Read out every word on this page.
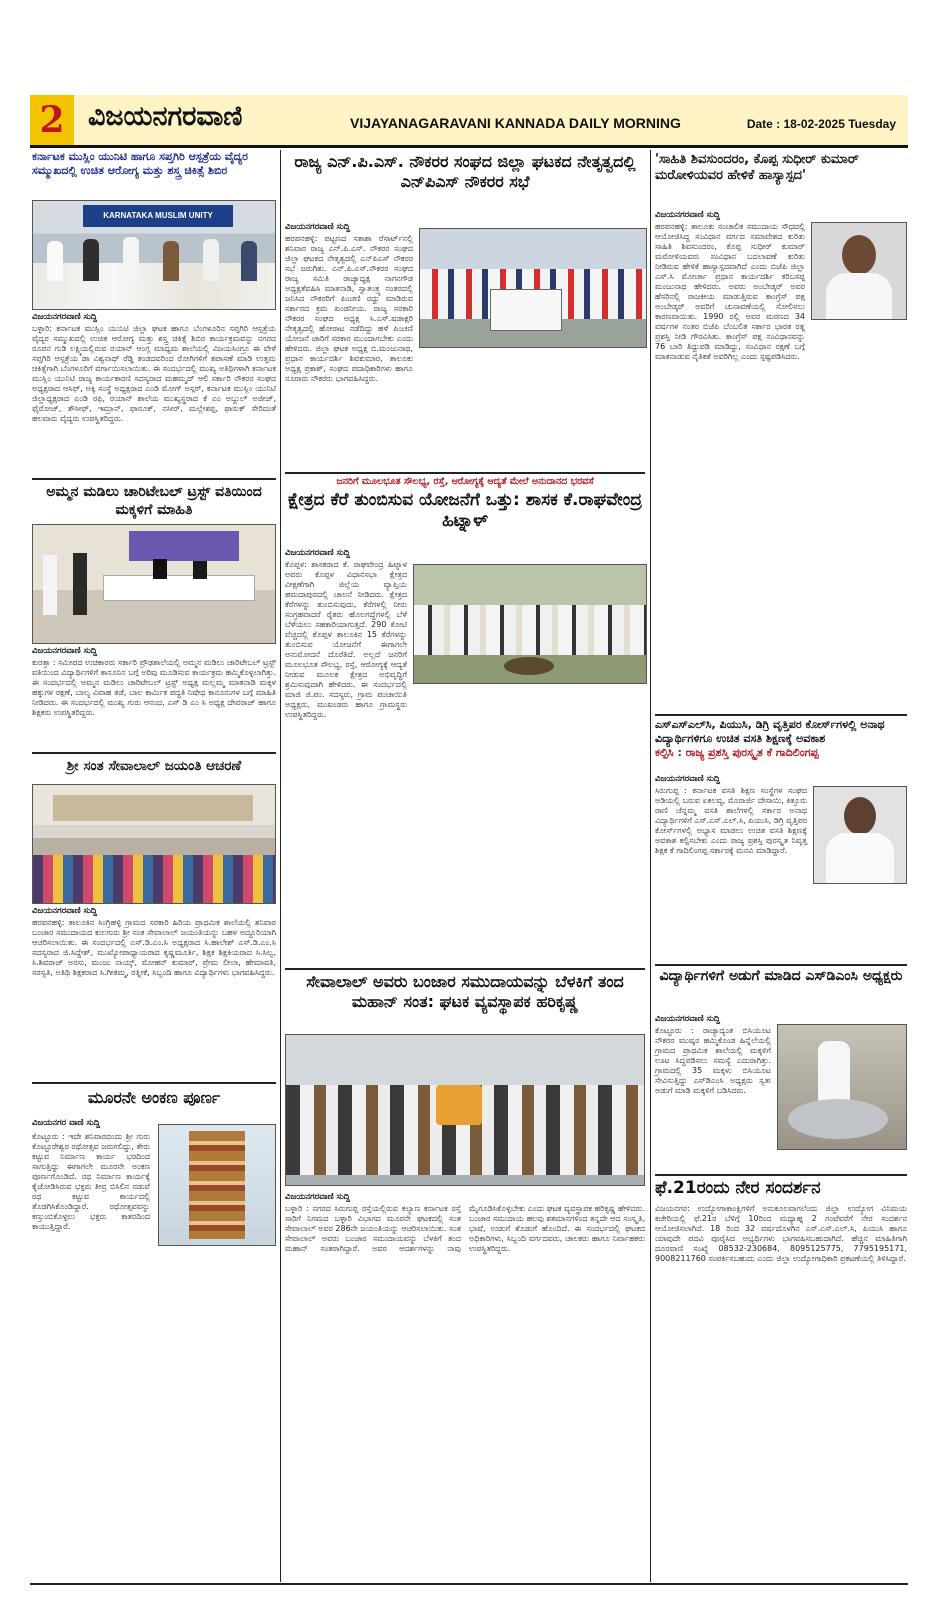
2 ವಿಜಯನಗರವಾಣಿ	VIJAYANAGARAVANI KANNADA DAILY MORNING	Date : 18-02-2025 Tuesday
ಕರ್ನಾಟಕ ಮುಸ್ಲಿಂ ಯುನಿಟಿ ಹಾಗೂ ಸಪ್ತಗಿರಿ ಆಸ್ಪತ್ರೆಯ ವೈದ್ಯರ ಸಮ್ಮುಖದಲ್ಲಿ ಉಚಿತ ಆರೋಗ್ಯ ಮತ್ತು ಶಸ್ತ್ರ ಚಿಕಿತ್ಸೆ ಶಿಬಿರ
KARNATAKA MUSLIM UNITY
ವಿಜಯನಗರವಾಣಿ ಸುದ್ದಿ
ಬಳ್ಳಾರಿ: ಕರ್ನಾಟಕ ಮುಸ್ಲಿಂ ಯುನಿಟಿ ಜಿಲ್ಲಾ ಘಟಕ ಹಾಗೂ ಬೆಂಗಳೂರಿನ ಸಪ್ತಗಿರಿ ಆಸ್ಪತ್ರೆಯ ವೈದ್ಯರ ಸಮ್ಮುಖದಲ್ಲಿ ಉಚಿತ ಆರೋಗ್ಯ ಮತ್ತು ಶಸ್ತ್ರ ಚಿಕಿತ್ಸೆ ಶಿಬಿರ ಕಾರ್ಯಕ್ರಮವನ್ನು ನಗರದ ರೂಪನ ಗುಡಿ ಲಕ್ಷ್ಮಿಯಲ್ಲಿರುವ ರಯಾನ್ ಆಂಗ್ಲ ಮಾಧ್ಯಮ ಶಾಲೆಯಲ್ಲಿ ವಿಜಯಸಿಂಗ್ರೂ ಈ ವೇಳೆ ಸಪ್ತಗಿರಿ ಆಸ್ಪತ್ರೆಯ ಡಾ ವಿಶ್ವನಾಥ್ ರೆಡ್ಡಿ ತಂಡದವರಿಂದ ರೋಗಿಗಳಿಗೆ ತಪಾಸಣೆ ಮಾಡಿ ಉತ್ತಮ ಚಿಕಿತ್ಸೆಗಾಗಿ ಬೆಂಗಳೂರಿಗೆ ವರ್ಗಾಯಿಸಲಾಯಿತು. ಈ ಸಂದರ್ಭದಲ್ಲಿ ಮುಖ್ಯ ಅತಿಥಿಗಳಾಗಿ ಕರ್ನಾಟಕ ಮುಸ್ಲಿಂ ಯುನಿಟಿ ರಾಜ್ಯ ಕಾರ್ಯಕಾರಣಿ ಸದಸ್ಯರಾದ ಮಹಮ್ಮದ್ ಆಲಿ ಸರ್ಕಾರಿ ನೌಕರರ ಸಂಘದ ಅಧ್ಯಕ್ಷರಾದ ಆಸಿಫ್, ಅಕ್ಕಿ ಸಂಸ್ಥೆ ಅಧ್ಯಕ್ಷರಾದ ಎಂಡಿ ಮೋಗ್ ಅಸ್ಗರ್, ಕರ್ನಾಟಕ ಮುಸ್ಲಿಂ ಯುನಿಟಿ ಜಿಲ್ಲಾಧ್ಯಕ್ಷರಾದ ಎಂಡಿ ರಫಿ, ರಯಾನ್ ಶಾಲೆಯ ಮುಖ್ಯಸ್ಥರಾದ ಕೆ ಎಂ ಅಬ್ದುಲ್ ಅಜೀಜ್, ಫೈರೋಜ್, ತೌಸೀಫ್, ಇಮ್ರಾನ್, ಫಾರೂಕ್, ನಸೀರ್, ಮಲ್ಲೇಶಪ್ಪ, ಫಾರುಕ್ ಸೇರಿದಂತೆ ಹಲವಾರು ವೈದ್ಯರು ಉಪಸ್ಥಿತರಿದ್ದರು.
ಅಮ್ಮನ ಮಡಿಲು ಚಾರಿಟೇಬಲ್ ಟ್ರಸ್ಟ್ ವತಿಯಿಂದ ಮಕ್ಕಳಿಗೆ ಮಾಹಿತಿ
ವಿಜಯನಗರವಾಣಿ ಸುದ್ದಿ
ಕುರತ್ತಾ : ಸಮೀಪದ ಉಚಿಕಾರರು ಸರ್ಕಾರಿ ಪ್ರೌಢಶಾಲೆಯಲ್ಲಿ ಅಮ್ಮನ ಮಡಿಲು ಚಾರಿಟೇಬಲ್ ಟ್ರಸ್ಟ್ ವತಿಯಿಂದ ವಿದ್ಯಾರ್ಥಿಗಳಿಗೆ ಕಾನೂನಿನ ಬಗ್ಗೆ ಅರಿವು ಮೂಡಿಸುವ ಕಾರ್ಯಕ್ರಮ ಹಮ್ಮಿಕೊಳ್ಳಲಾಗಿತ್ತು. ಈ ಸಂದರ್ಭದಲ್ಲಿ ಅಮ್ಮನ ಮಡಿಲು ಚಾರಿಟೇಬಲ್ ಟ್ರಸ್ಟ್ ಅಧ್ಯಕ್ಷ ಮಲ್ಲಮ್ಮ ಮಾತನಾಡಿ ಮಕ್ಕಳ ಹಕ್ಕುಗಳ ರಕ್ಷಣೆ, ಬಾಲ್ಯ ವಿವಾಹ ತಡೆ, ಬಾಲ ಕಾರ್ಮಿಕ ಪದ್ಧತಿ ನಿಷೇಧ ಕಾನೂನುಗಳ ಬಗ್ಗೆ ಮಾಹಿತಿ ನೀಡಿದರು. ಈ ಸಂದರ್ಭದಲ್ಲಿ ಮುಖ್ಯ ಗುರು ಆನಂದ, ಎಸ್ ಡಿ ಎಂ ಸಿ ಅಧ್ಯಕ್ಷ ದೇವರಾಜ್ ಹಾಗೂ ಶಿಕ್ಷಕರು ಉಪಸ್ಥಿತರಿದ್ದರು.
ಶ್ರೀ ಸಂತ ಸೇವಾಲಾಲ್ ಜಯಂತಿ ಆಚರಣೆ
ವಿಜಯನಗರವಾಣಿ ಸುದ್ದಿ
ಹರಪನಹಳ್ಳಿ: ತಾಲೂಕಿನ ಸಿಂಗ್ರಿಹಳ್ಳಿ ಗ್ರಾಮದ ಸರಕಾರಿ ಹಿರಿಯ ಪ್ರಾಥಮಿಕ ಶಾಲೆಯಲ್ಲಿ ಶನಿವಾರ ಬಂಜಾರ ಸಮುದಾಯದ ಕುಲಗುರು ಶ್ರೀ ಸಂತ ಸೇವಾಲಾಲ್ ಜಯಂತಿಯನ್ನು ಬಹಳ ಅದ್ದೂರಿಯಾಗಿ ಆಚರಿಸಲಾಯಿತು. ಈ ಸಂದರ್ಭದಲ್ಲಿ ಎಸ್.ಡಿ.ಎಂ.ಸಿ ಅಧ್ಯಕ್ಷರಾದ ಸಿ.ಹಾಲೇಶ್ ಎಸ್.ಡಿ.ಎಂ.ಸಿ ಸದಸ್ಯರಾದ ಜಿ.ಸಿದ್ದೇಶ್, ಮುಖ್ಯೋಪಾಧ್ಯಾಯರಾದ ಕೃಷ್ಣಮೂರ್ತಿ, ಶಿಕ್ಷಕ ಶಿಕ್ಷಕಿಯರಾದ ಸಿ.ಸಿಲ್ವ, ಸಿ.ಶಿವರಾಜ್ ಅರಸು, ಮಂಜು ನಾಯ್ಕ್, ಮೋಹನ್ ಕುಮಾರ್, ಪ್ರೇಮ ಲೀಲಾ, ಹೇಮಾವತಿ, ಸರಸ್ವತಿ, ಅತಿಥಿ ಶಿಕ್ಷಕರಾದ ಸಿ.ಗೀತಮ್ಮ, ರತ್ನೀಕೆ, ಸಿಬ್ಬಂದಿ ಹಾಗೂ ವಿದ್ಯಾರ್ಥಿಗಳು ಭಾಗವಹಿಸಿದ್ದರು.
ಮೂರನೇ ಅಂಕಣ ಪೂರ್ಣ
ವಿಜಯನಗರ ವಾಣಿ ಸುದ್ದಿ
ಕೊಟ್ಟೂರು : ಇದೇ ಶನಿವಾರದಂದು ಶ್ರೀ ಗುರು ಕೊಟ್ಟೂರೇಶ್ವರ ರಥೋತ್ಸವ ಜರುಗಲಿದ್ದು, ತೇರು ಕಟ್ಟುವ ನಿರ್ಮಾಣ ಕಾರ್ಯ ಭರದಿಂದ ಸಾಗುತ್ತಿದ್ದು ಈಗಾಗಲೇ ಮೂರನೇ ಅಂಕಣ ಪೂರ್ಣಗೊಂಡಿದೆ. ರಥ ನಿರ್ಮಾಣ ಕಾರ್ಯಕ್ಕೆ ಕೈಜೋಡಿಸಿರುವ ಭಕ್ತರು ತೀವ್ರ ಬಿಸಿಲಿನ ನಡುವೆ ರಥ ಕಟ್ಟುವ ಕಾರ್ಯದಲ್ಲಿ ತೊಡಗಿಸಿಕೊಂಡಿದ್ದಾರೆ. ರಥೋತ್ಸವವನ್ನು ಕಣ್ತುಂಬಿಕೊಳ್ಳಲು ಭಕ್ತರು ಕಾತರದಿಂದ ಕಾಯುತ್ತಿದ್ದಾರೆ.
ರಾಜ್ಯ ಎನ್.ಪಿ.ಎಸ್. ನೌಕರರ ಸಂಘದ ಜಿಲ್ಲಾ ಘಟಕದ ನೇತೃತ್ವದಲ್ಲಿ ಎನ್‌ಪಿಎಸ್ ನೌಕರರ ಸಭೆ
ವಿಜಯನಗರವಾಣಿ ಸುದ್ದಿ
ಹರಪನಹಳ್ಳಿ: ಪಟ್ಟಣದ ಸತಾಶಾ ರೆಸಾರ್ಟ್‌ನಲ್ಲಿ ಶನಿವಾರ ರಾಜ್ಯ ಎನ್.ಪಿ.ಎಸ್. ನೌಕರರ ಸಂಘದ ಜಿಲ್ಲಾ ಘಟಕದ ನೇತೃತ್ವದಲ್ಲಿ ಎನ್‌ಪಿಎಸ್ ನೌಕರರ ಸಭೆ ಜರುಗಿತು. ಎನ್.ಪಿ.ಎಸ್.ನೌಕರರ ಸಂಘದ ರಾಜ್ಯ ಸಮಿತಿ ರಾಜ್ಯಾಧ್ಯಕ್ಷ ನಾಗನಗೌಡ ಅಧ್ಯಕ್ಷತೆವಹಿಸಿ ಮಾತನಾಡಿ, ಸ್ವಾತಂತ್ರ್ಯ ನಂತರದಲ್ಲಿ ಜನಿಸಿದ ನೌಕರರಿಗೆ ಪಿಂಚಣಿ ರದ್ದು ಮಾಡಿರುವ ಸರ್ಕಾರದ ಕ್ರಮ ಖಂಡನೀಯ. ರಾಜ್ಯ ಸರಕಾರಿ ನೌಕರರ ಸಂಘದ ಅಧ್ಯಕ್ಷ ಸಿ.ಎಸ್.ಷಡಾಕ್ಷರಿ ನೇತೃತ್ವದಲ್ಲಿ ಹೋರಾಟ ನಡೆದಿದ್ದು ಹಳೆ ಪಿಂಚಣಿ ಯೋಜನೆ ಜಾರಿಗೆ ಸರಕಾರ ಮುಂದಾಗಬೇಕು ಎಂದು ಹೇಳಿದರು. ಜಿಲ್ಲಾ ಘಟಕ ಅಧ್ಯಕ್ಷ ಬಿ.ಮಂಜುನಾಥ, ಪ್ರಧಾನ ಕಾರ್ಯದರ್ಶಿ ಶಿವಕುಮಾರ, ತಾಲೂಕು ಅಧ್ಯಕ್ಷ ಪ್ರಕಾಶ್, ಸಂಘದ ಪದಾಧಿಕಾರಿಗಳು ಹಾಗೂ ನೂರಾರು ನೌಕರರು ಭಾಗವಹಿಸಿದ್ದರು.
ಜನರಿಗೆ ಮೂಲಭೂತ ಸೌಲಭ್ಯ, ರಸ್ತೆ, ಆರೋಗ್ಯಕ್ಕೆ ಆದ್ಯತೆ ಮೇಲೆ ಅನುದಾನದ ಭರವಸೆ
ಕ್ಷೇತ್ರದ ಕೆರೆ ತುಂಬಿಸುವ ಯೋಜನೆಗೆ ಒತ್ತು: ಶಾಸಕ ಕೆ.ರಾಘವೇಂದ್ರ ಹಿಟ್ನಾಳ್
ವಿಜಯನಗರವಾಣಿ ಸುದ್ದಿ
ಕೊಪ್ಪಳ: ಶಾಸಕರಾದ ಕೆ. ರಾಘವೇಂದ್ರ ಹಿಟ್ನಾಳ ಅವರು ಕೊಪ್ಪಳ ವಿಧಾನಸಭಾ ಕ್ಷೇತ್ರದ ವೀಕ್ಷಣೆಗಾಗಿ ಜಿಲ್ಲೆಯ ವ್ಯಾಪ್ತಿಯ ಹಮದಾಪುರದಲ್ಲಿ ಚಾಲನೆ ನೀಡಿದರು. ಕ್ಷೇತ್ರದ ಕೆರೆಗಳನ್ನು ತುಂಬಿಸುವುದು, ಕೆರೆಗಳಲ್ಲಿ ನೀರು ಸಂಗ್ರಹವಾದರೆ ರೈತರು ಹೊಲಗದ್ದೆಗಳಲ್ಲಿ ಬೆಳೆ ಬೆಳೆಯಲು ಸಹಕಾರಿಯಾಗುತ್ತದೆ. 290 ಕೋಟಿ ವೆಚ್ಚದಲ್ಲಿ ಕೊಪ್ಪಳ ತಾಲೂಕಿನ 15 ಕೆರೆಗಳನ್ನು ತುಂಬಿಸುವ ಯೋಜನೆಗೆ ಈಗಾಗಲೇ ಅನುಮೋದನೆ ದೊರೆತಿದೆ. ಅಲ್ಲದೆ ಜನರಿಗೆ ಮೂಲಭೂತ ಸೌಲಭ್ಯ, ರಸ್ತೆ, ಆರೋಗ್ಯಕ್ಕೆ ಆದ್ಯತೆ ನೀಡುವ ಮೂಲಕ ಕ್ಷೇತ್ರದ ಅಭಿವೃದ್ಧಿಗೆ ಶ್ರಮಿಸುವುದಾಗಿ ಹೇಳಿದರು. ಈ ಸಂದರ್ಭದಲ್ಲಿ ಮಾಜಿ ಜಿ.ಪಂ. ಸದಸ್ಯರು, ಗ್ರಾಮ ಪಂಚಾಯಿತಿ ಅಧ್ಯಕ್ಷರು, ಮುಖಂಡರು ಹಾಗೂ ಗ್ರಾಮಸ್ಥರು ಉಪಸ್ಥಿತರಿದ್ದರು.
ಸೇವಾಲಾಲ್ ಅವರು ಬಂಜಾರ ಸಮುದಾಯವನ್ನು ಬೆಳಕಿಗೆ ತಂದ ಮಹಾನ್ ಸಂತ: ಘಟಕ ವ್ಯವಸ್ಥಾಪಕ ಹರಿಕೃಷ್ಣ
ವಿಜಯನಗರವಾಣಿ ಸುದ್ದಿ
ಬಳ್ಳಾರಿ : ನಗರದ ಸಿರುಗುಪ್ಪ ರಸ್ತೆಯಲ್ಲಿರುವ ಕಲ್ಯಾಣ ಕರ್ನಾಟಕ ರಸ್ತೆ ಸಾರಿಗೆ ನಿಗಮದ ಬಳ್ಳಾರಿ ವಿಭಾಗದ ಮೂರನೇ ಘಟಕದಲ್ಲಿ ಸಂತ ಸೇವಾಲಾಲ್ ಅವರ 286ನೇ ಜಯಂತಿಯನ್ನು ಆಚರಿಸಲಾಯಿತು. ಸಂತ ಸೇವಾಲಾಲ್ ಅವರು ಬಂಜಾರ ಸಮುದಾಯವನ್ನು ಬೆಳಕಿಗೆ ತಂದ ಮಹಾನ್ ಸಂತರಾಗಿದ್ದಾರೆ. ಅವರ ಆದರ್ಶಗಳನ್ನು ನಾವು ಮೈಗೂಡಿಸಿಕೊಳ್ಳಬೇಕು ಎಂದು ಘಟಕ ವ್ಯವಸ್ಥಾಪಕ ಹರಿಕೃಷ್ಣ ಹೇಳಿದರು. ಬಂಜಾರ ಸಮುದಾಯ ಹಲವು ಶತಮಾನಗಳಿಂದ ತನ್ನದೇ ಆದ ಸಂಸ್ಕೃತಿ, ಭಾಷೆ, ಉಡುಗೆ ತೊಡುಗೆ ಹೊಂದಿದೆ. ಈ ಸಂದರ್ಭದಲ್ಲಿ ಘಟಕದ ಅಧಿಕಾರಿಗಳು, ಸಿಬ್ಬಂದಿ ವರ್ಗದವರು, ಚಾಲಕರು ಹಾಗೂ ನಿರ್ವಾಹಕರು ಉಪಸ್ಥಿತರಿದ್ದರು.
'ಸಾಹಿತಿ ಶಿವಸುಂದರಂ, ಕೊಪ್ಪ ಸುಧೀರ್ ಕುಮಾರ್ ಮರೋಳಿಯವರ ಹೇಳಿಕೆ ಹಾಸ್ಯಾಸ್ಪದ'
ವಿಜಯನಗರವಾಣಿ ಸುದ್ದಿ
ಹರಪನಹಳ್ಳಿ: ತಾಲೂಕು ಸಂಚಾಲಿತ ಸಮುದಾಯ ಸೌಧದಲ್ಲಿ ಆಯೋಜಿಸಿದ್ದ ಸಂವಿಧಾನ ವರ್ಗದ ಸಮಾವೇಶದ ಕುರಿತು ಸಾಹಿತಿ ಶಿವಸುಂದರಂ, ಕೊಪ್ಪ ಸುಧೀರ್ ಕುಮಾರ್ ಮರೋಳಿಯವರು ಸಂವಿಧಾನ ಬದಲಾವಣೆ ಕುರಿತು ನೀಡಿರುವ ಹೇಳಿಕೆ ಹಾಸ್ಯಾಸ್ಪದವಾಗಿದೆ ಎಂದು ಬಿಜೆಪಿ ಜಿಲ್ಲಾ ಎಸ್.ಸಿ ಮೋರ್ಚಾ ಪ್ರಧಾನ ಕಾರ್ಯದರ್ಶಿ ಕರಿಬಸಪ್ಪ ಮಂಜುನಾಥ ಹೇಳಿದರು. ಅವರು ಅಂಬೇಡ್ಕರ್ ಅವರ ಹೆಸರಿನಲ್ಲಿ ರಾಜಕೀಯ ಮಾಡುತ್ತಿರುವ ಕಾಂಗ್ರೆಸ್ ಪಕ್ಷ ಅಂಬೇಡ್ಕರ್ ಅವರಿಗೆ ಚುನಾವಣೆಯಲ್ಲಿ ಸೋಲಿಸಲು ಕಾರಣವಾಯಿತು. 1990 ರಲ್ಲಿ ಅವರ ಮರಣದ 34 ವರ್ಷಗಳ ನಂತರ ಬಿಜೆಪಿ ಬೆಂಬಲಿತ ಸರ್ಕಾರ ಭಾರತ ರತ್ನ ಪ್ರಶಸ್ತಿ ನೀಡಿ ಗೌರವಿಸಿತು. ಕಾಂಗ್ರೆಸ್ ಪಕ್ಷ ಸಂವಿಧಾನವನ್ನು 76 ಬಾರಿ ತಿದ್ದುಪಡಿ ಮಾಡಿದ್ದು, ಸಂವಿಧಾನ ರಕ್ಷಣೆ ಬಗ್ಗೆ ಮಾತನಾಡುವ ನೈತಿಕತೆ ಅವರಿಗಿಲ್ಲ ಎಂದು ಸ್ಪಷ್ಟಪಡಿಸಿದರು.
ಎಸ್‌ಎಸ್‌ಎಲ್‌ಸಿ, ಪಿಯುಸಿ, ಡಿಗ್ರಿ ವೃತ್ತಿಪರ ಕೋರ್ಸ್‌ಗಳಲ್ಲಿ ಅನಾಥ ವಿದ್ಯಾರ್ಥಿಗಳಿಗೂ ಉಚಿತ ವಸತಿ ಶಿಕ್ಷಣಕ್ಕೆ ಅವಕಾಶ
ಕಲ್ಪಿಸಿ : ರಾಜ್ಯ ಪ್ರಶಸ್ತಿ ಪುರಸ್ಕೃತ ಕೆ ಗಾದಿಲಿಂಗಪ್ಪ
ವಿಜಯನಗರವಾಣಿ ಸುದ್ದಿ
ಸಿರುಗುಪ್ಪ : ಕರ್ನಾಟಕ ವಸತಿ ಶಿಕ್ಷಣ ಸಂಸ್ಥೆಗಳ ಸಂಘದ ಅಡಿಯಲ್ಲಿ ಬರುವ ಏಕಲವ್ಯ, ಮೊರಾರ್ಜಿ ದೇಸಾಯಿ, ಕಿತ್ತೂರು ರಾಣಿ ಚೆನ್ನಮ್ಮ ವಸತಿ ಶಾಲೆಗಳಲ್ಲಿ ಸರ್ಕಾರ ಅನಾಥ ವಿದ್ಯಾರ್ಥಿಗಳಿಗೆ ಎಸ್.ಎಸ್.ಎಲ್.ಸಿ, ಪಿಯುಸಿ, ಡಿಗ್ರಿ ವೃತ್ತಿಪರ ಕೋರ್ಸ್‌ಗಳಲ್ಲಿ ಅಭ್ಯಾಸ ಮಾಡಲು ಉಚಿತ ವಸತಿ ಶಿಕ್ಷಣಕ್ಕೆ ಅವಕಾಶ ಕಲ್ಪಿಸಬೇಕು ಎಂದು ರಾಜ್ಯ ಪ್ರಶಸ್ತಿ ಪುರಸ್ಕೃತ ನಿವೃತ್ತ ಶಿಕ್ಷಕ ಕೆ ಗಾದಿಲಿಂಗಪ್ಪ ಸರ್ಕಾರಕ್ಕೆ ಮನವಿ ಮಾಡಿದ್ದಾರೆ.
ವಿದ್ಯಾರ್ಥಿಗಳಿಗೆ ಅಡುಗೆ ಮಾಡಿದ ಎಸ್‌ಡಿಎಂಸಿ ಅಧ್ಯಕ್ಷರು
ವಿಜಯನಗರವಾಣಿ ಸುದ್ದಿ
ಕೊಟ್ಟೂರು : ರಾಜ್ಯಾದ್ಯಂತ ಬಿಸಿಯೂಟ ನೌಕರರ ಮುಷ್ಕರ ಹಮ್ಮಿಕೊಂಡ ಹಿನ್ನೆಲೆಯಲ್ಲಿ ಗ್ರಾಮದ ಪ್ರಾಥಮಿಕ ಶಾಲೆಯಲ್ಲಿ ಮಕ್ಕಳಿಗೆ ಊಟ ಸಿದ್ಧಪಡಿಸಲು ಸಮಸ್ಯೆ ಎದುರಾಗಿತ್ತು. ಗ್ರಾಮದಲ್ಲಿ 35 ಮಕ್ಕಳು ಬಿಸಿಯೂಟ ಸೇವಿಸುತ್ತಿದ್ದು ಎಸ್‌ಡಿಎಂಸಿ ಅಧ್ಯಕ್ಷರು ಸ್ವತಃ ಅಡುಗೆ ಮಾಡಿ ಮಕ್ಕಳಿಗೆ ಬಡಿಸಿದರು.
ಫೆ.21ರಂದು ನೇರ ಸಂದರ್ಶನ
ವಿಜಯನಗರ: ಉದ್ಯೋಗಾಕಾಂಕ್ಷಿಗಳಿಗೆ ಅನುಕೂಲವಾಗಲೆಂದು ಜಿಲ್ಲಾ ಉದ್ಯೋಗ ವಿನಿಮಯ ಕಚೇರಿಯಲ್ಲಿ ಫೆ.21ರ ಬೆಳಿಗ್ಗೆ 10ರಿಂದ ಮಧ್ಯಾಹ್ನ 2 ಗಂಟೆವರೆಗೆ ನೇರ ಸಂದರ್ಶನ ಆಯೋಜಿಸಲಾಗಿದೆ. 18 ರಿಂದ 32 ವರ್ಷದೊಳಗಿನ ಎಸ್.ಎಸ್.ಎಲ್.ಸಿ, ಪಿಯುಸಿ ಹಾಗೂ ಯಾವುದೇ ಪದವಿ ಪೂರೈಸಿದ ಅಭ್ಯರ್ಥಿಗಳು ಭಾಗವಹಿಸಬಹುದಾಗಿದೆ. ಹೆಚ್ಚಿನ ಮಾಹಿತಿಗಾಗಿ ದೂರವಾಣಿ ಸಂಖ್ಯೆ 08532-230684, 8095125775, 7795195171, 9008211760 ಸಂಪರ್ಕಿಸಬಹುದು ಎಂದು ಜಿಲ್ಲಾ ಉದ್ಯೋಗಾಧಿಕಾರಿ ಪ್ರಕಟಣೆಯಲ್ಲಿ ತಿಳಿಸಿದ್ದಾರೆ.
